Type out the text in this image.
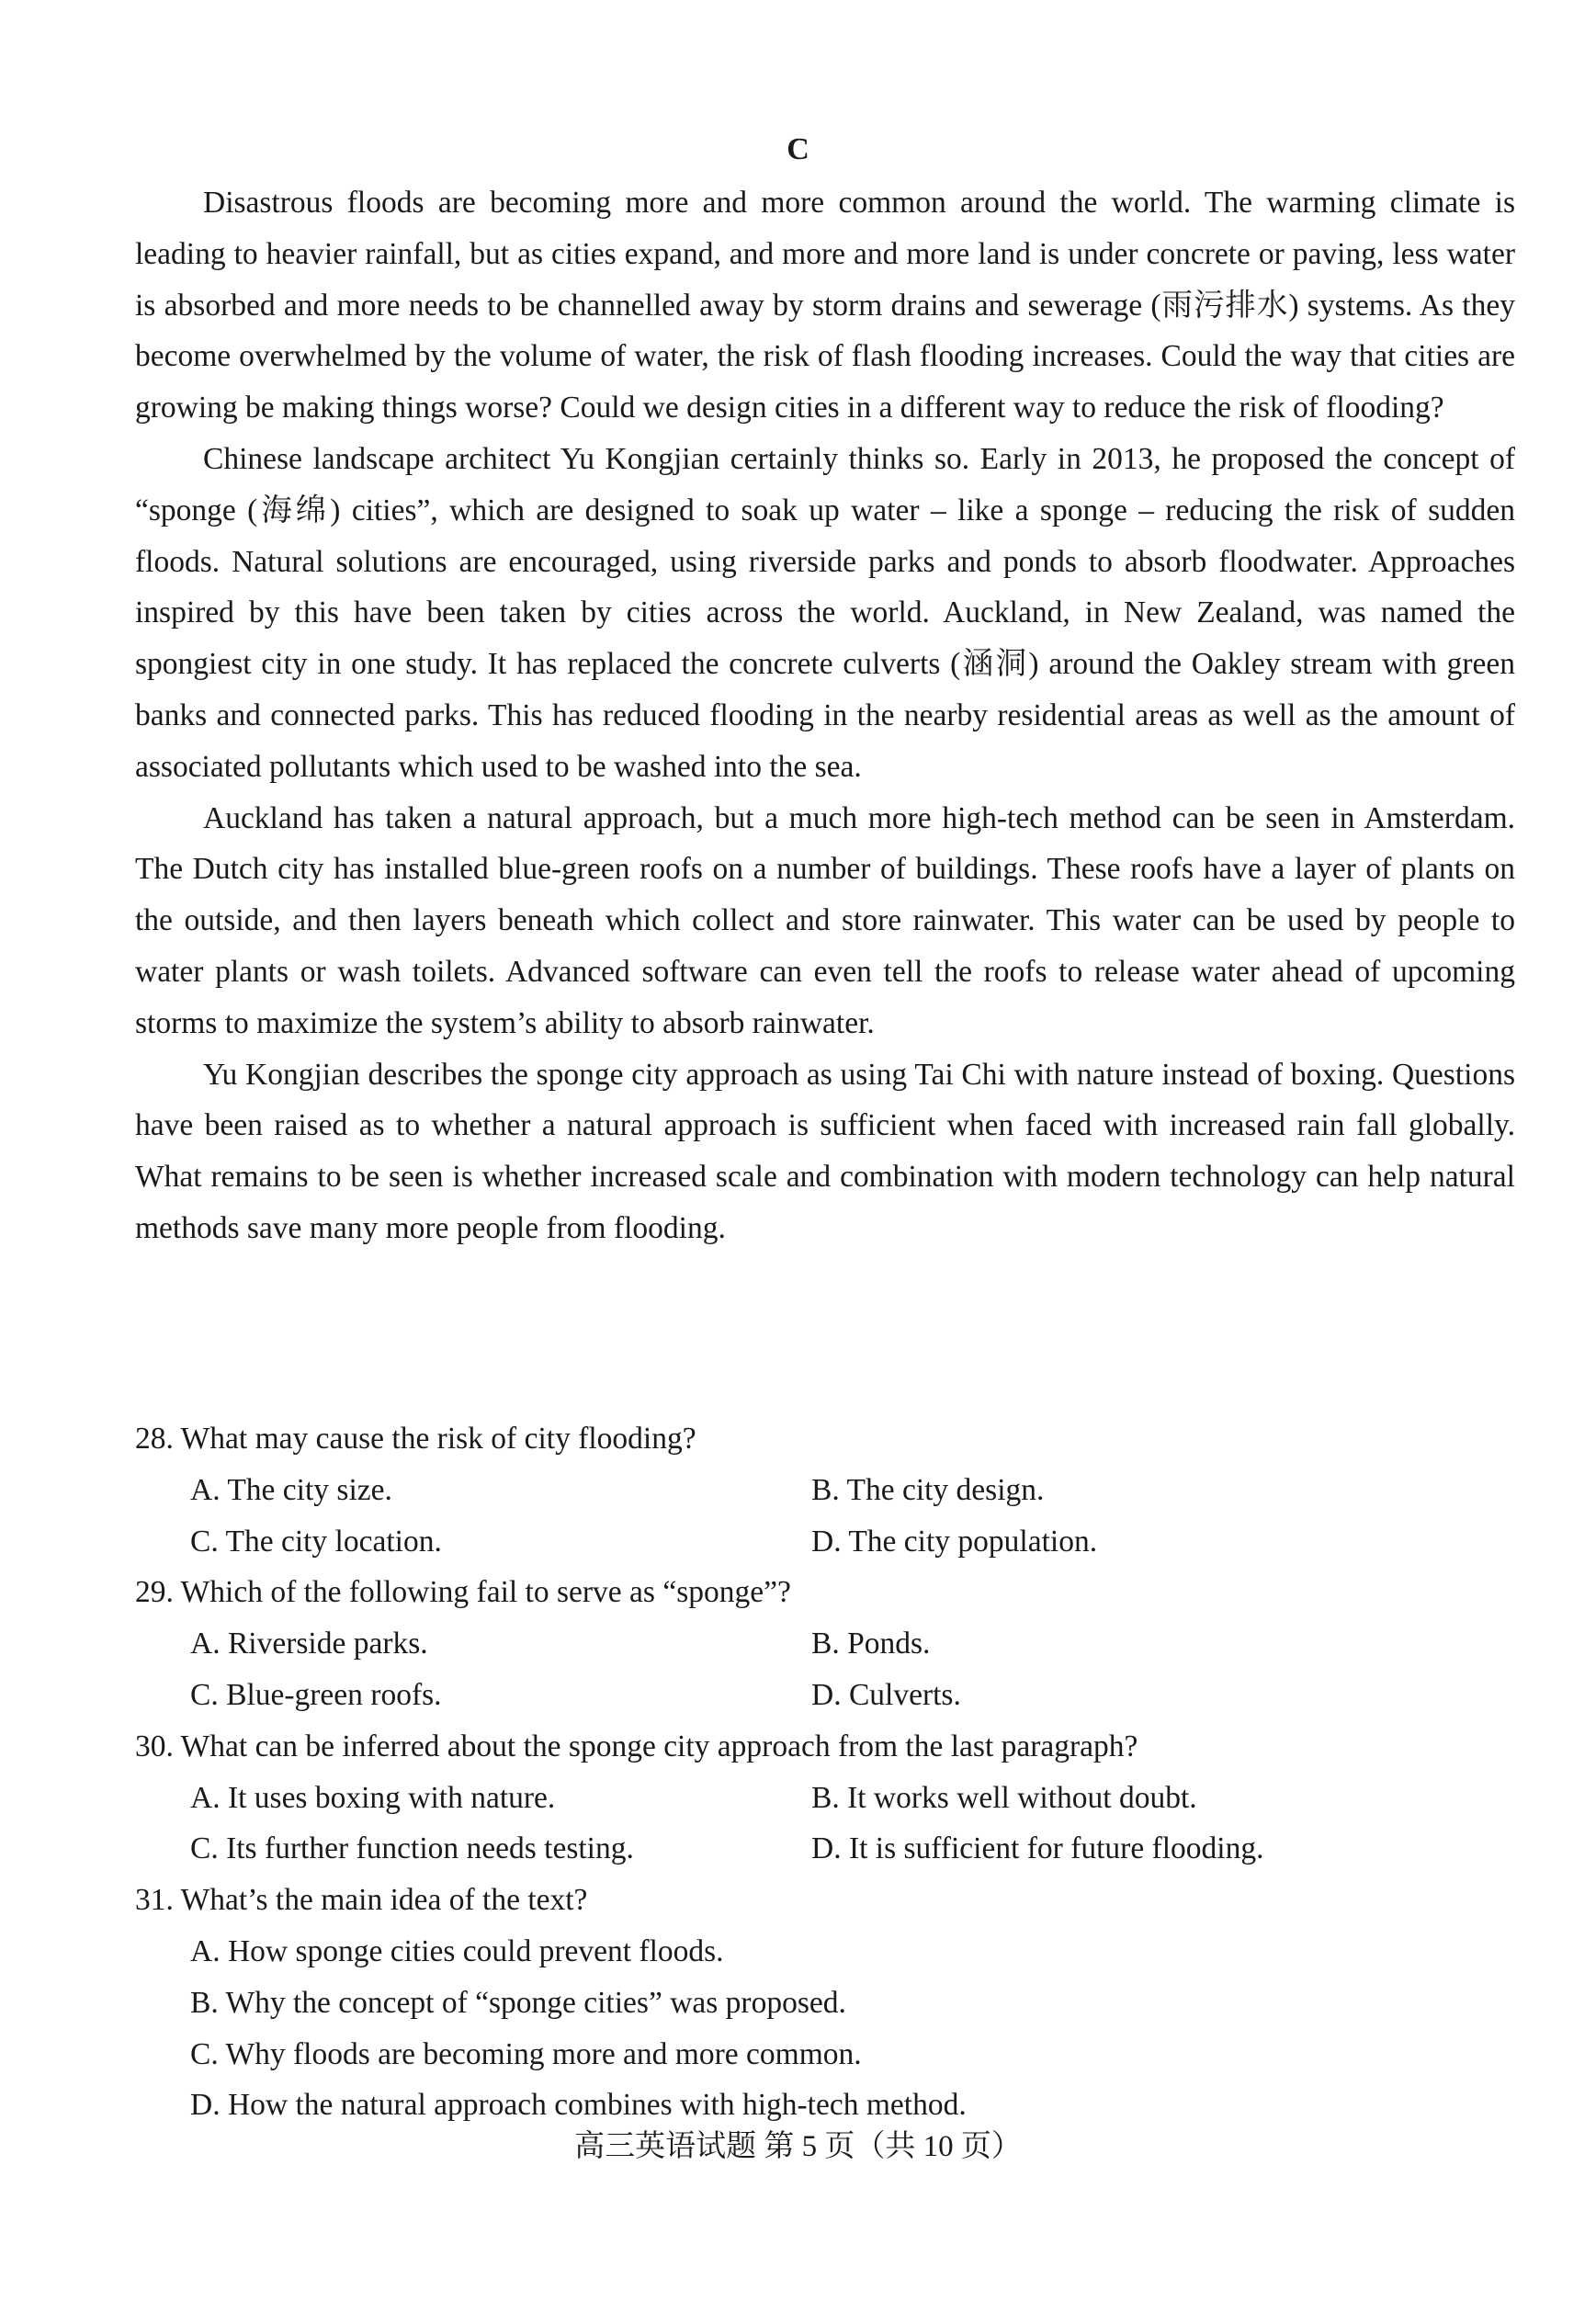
C

Disastrous floods are becoming more and more common around the world. The warming climate is leading to heavier rainfall, but as cities expand, and more and more land is under concrete or paving, less water is absorbed and more needs to be channelled away by storm drains and sewerage (雨污排水) systems. As they become overwhelmed by the volume of water, the risk of flash flooding increases. Could the way that cities are growing be making things worse? Could we design cities in a different way to reduce the risk of flooding?

Chinese landscape architect Yu Kongjian certainly thinks so. Early in 2013, he proposed the concept of “sponge (海绵) cities”, which are designed to soak up water – like a sponge – reducing the risk of sudden floods. Natural solutions are encouraged, using riverside parks and ponds to absorb floodwater. Approaches inspired by this have been taken by cities across the world. Auckland, in New Zealand, was named the spongiest city in one study. It has replaced the concrete culverts (涵洞) around the Oakley stream with green banks and connected parks. This has reduced flooding in the nearby residential areas as well as the amount of associated pollutants which used to be washed into the sea.

Auckland has taken a natural approach, but a much more high-tech method can be seen in Amsterdam. The Dutch city has installed blue-green roofs on a number of buildings. These roofs have a layer of plants on the outside, and then layers beneath which collect and store rainwater. This water can be used by people to water plants or wash toilets. Advanced software can even tell the roofs to release water ahead of upcoming storms to maximize the system’s ability to absorb rainwater.

Yu Kongjian describes the sponge city approach as using Tai Chi with nature instead of boxing. Questions have been raised as to whether a natural approach is sufficient when faced with increased rain fall globally. What remains to be seen is whether increased scale and combination with modern technology can help natural methods save many more people from flooding.

28. What may cause the risk of city flooding?
A. The city size.	B. The city design.
C. The city location.	D. The city population.
29. Which of the following fail to serve as “sponge”?
A. Riverside parks.	B. Ponds.
C. Blue-green roofs.	D. Culverts.
30. What can be inferred about the sponge city approach from the last paragraph?
A. It uses boxing with nature.	B. It works well without doubt.
C. Its further function needs testing.	D. It is sufficient for future flooding.
31. What’s the main idea of the text?
A. How sponge cities could prevent floods.
B. Why the concept of “sponge cities” was proposed.
C. Why floods are becoming more and more common.
D. How the natural approach combines with high-tech method.
高三英语试题 第 5 页（共 10 页）
